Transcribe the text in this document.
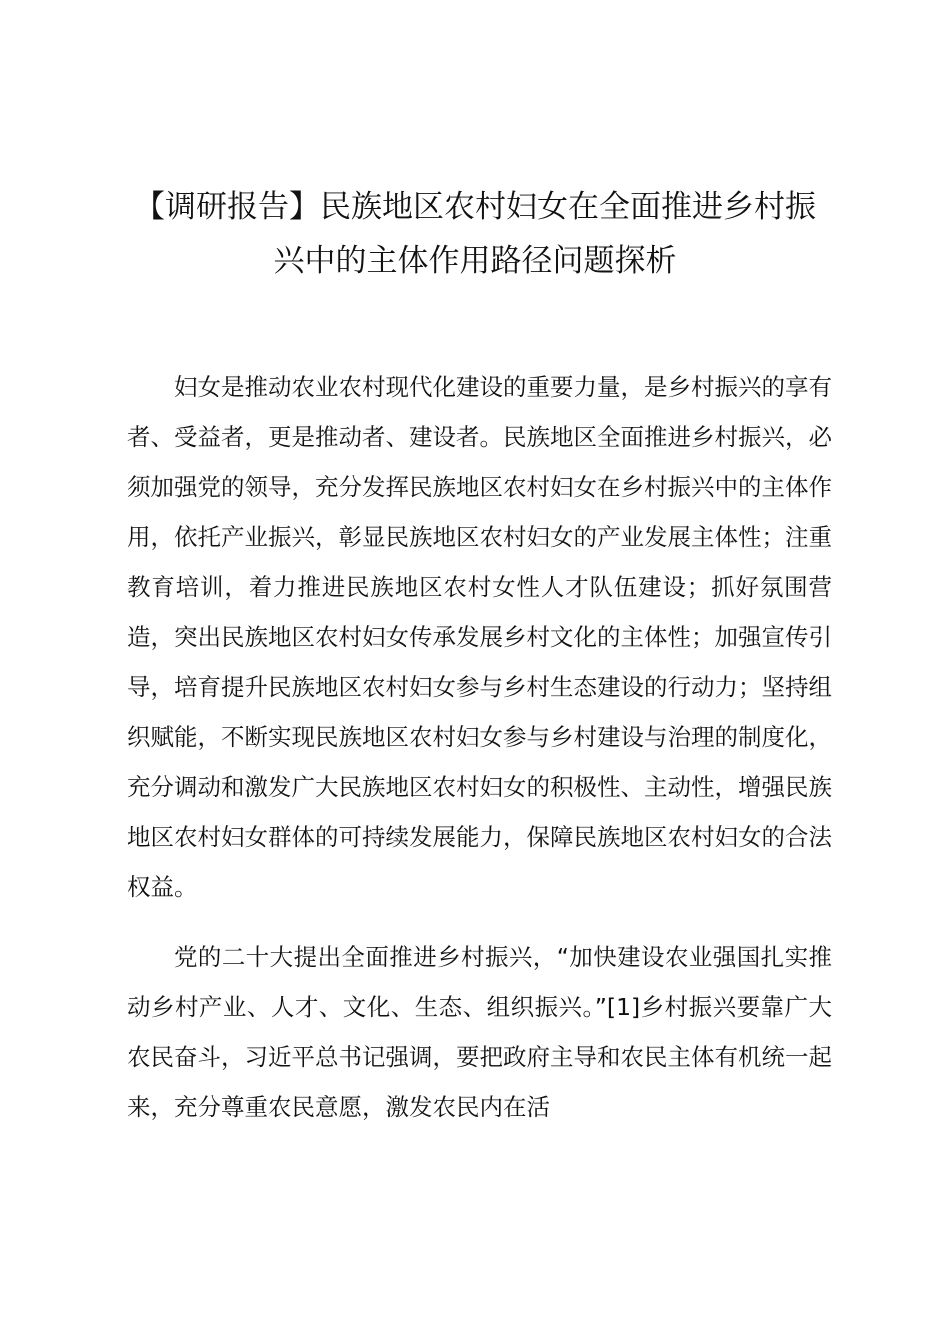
【调研报告】民族地区农村妇女在全面推进乡村振兴中的主体作用路径问题探析

妇女是推动农业农村现代化建设的重要力量，是乡村振兴的享有者、受益者，更是推动者、建设者。民族地区全面推进乡村振兴，必须加强党的领导，充分发挥民族地区农村妇女在乡村振兴中的主体作用，依托产业振兴，彰显民族地区农村妇女的产业发展主体性；注重教育培训，着力推进民族地区农村女性人才队伍建设；抓好氛围营造，突出民族地区农村妇女传承发展乡村文化的主体性；加强宣传引导，培育提升民族地区农村妇女参与乡村生态建设的行动力；坚持组织赋能，不断实现民族地区农村妇女参与乡村建设与治理的制度化，充分调动和激发广大民族地区农村妇女的积极性、主动性，增强民族地区农村妇女群体的可持续发展能力，保障民族地区农村妇女的合法权益。

党的二十大提出全面推进乡村振兴，“加快建设农业强国扎实推动乡村产业、人才、文化、生态、组织振兴。”[1]乡村振兴要靠广大农民奋斗，习近平总书记强调，要把政府主导和农民主体有机统一起来，充分尊重农民意愿，激发农民内在活
